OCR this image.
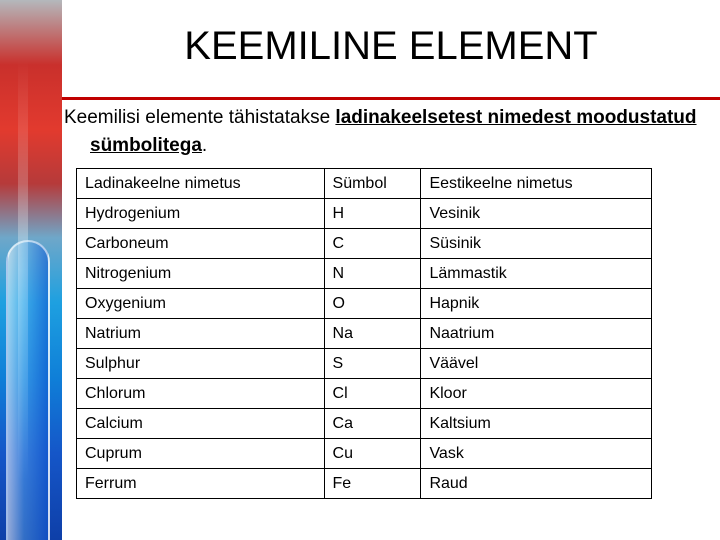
KEEMILINE ELEMENT
Keemilisi elemente tähistatakse ladinakeelsetest nimedest moodustatud sümbolitega.
Ladinakeelne nimetus	Sümbol	Eestikeelne nimetus
Hydrogenium	H	Vesinik
Carboneum	C	Süsinik
Nitrogenium	N	Lämmastik
Oxygenium	O	Hapnik
Natrium	Na	Naatrium
Sulphur	S	Väävel
Chlorum	Cl	Kloor
Calcium	Ca	Kaltsium
Cuprum	Cu	Vask
Ferrum	Fe	Raud
